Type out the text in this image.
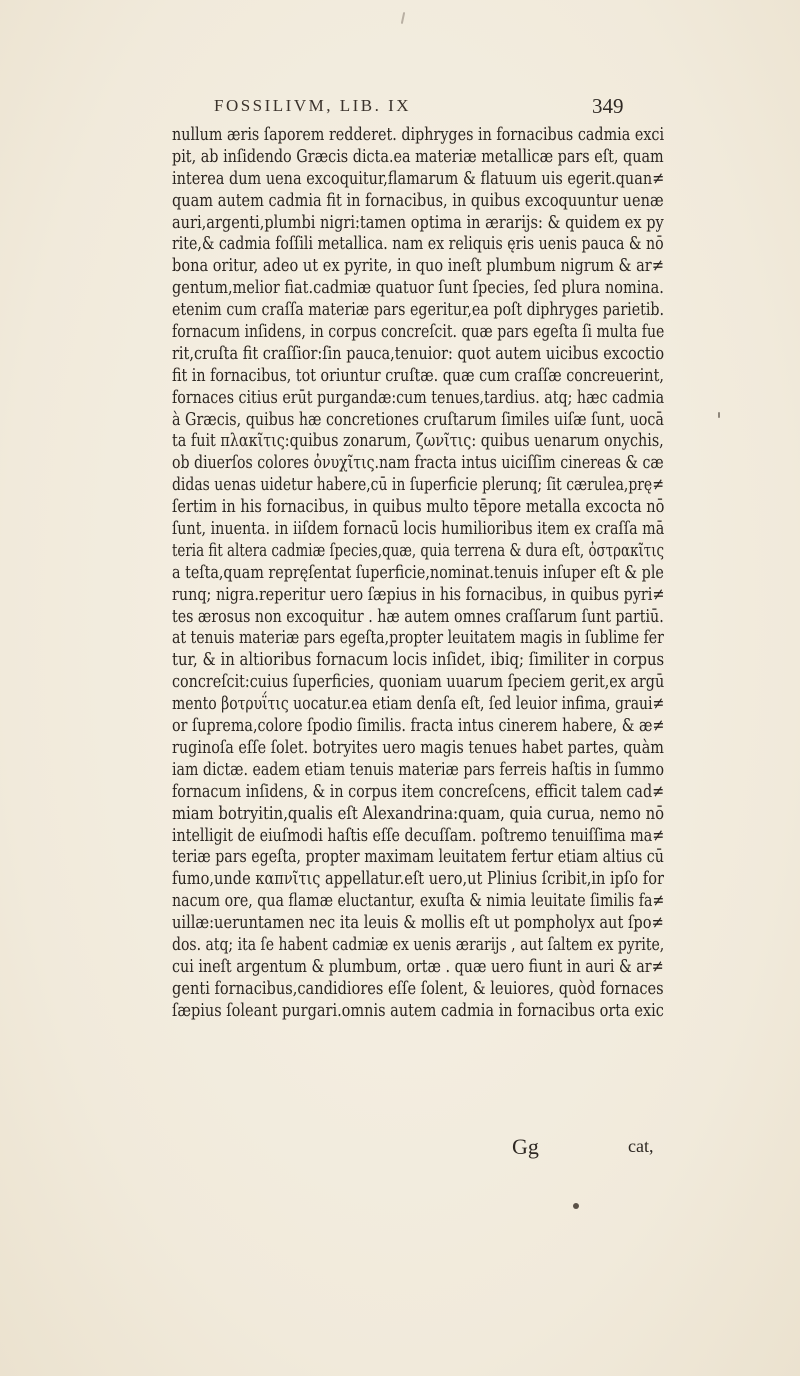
FOSSILIVM, LIB. IX	349
nullum æris ſaporem redderet. diphryges in fornacibus cadmia exci
pit, ab inſidendo Græcis dicta.ea materiæ metallicæ pars eſt, quam
interea dum uena excoquitur,flamarum & flatuum uis egerit.quan≠
quam autem cadmia fit in fornacibus, in quibus excoquuntur uenæ
auri,argenti,plumbi nigri:tamen optima in ærarijs: & quidem ex py
rite,& cadmia foſſili metallica. nam ex reliquis ęris uenis pauca & nō
bona oritur, adeo ut ex pyrite, in quo ineſt plumbum nigrum & ar≠
gentum,melior fiat.cadmiæ quatuor ſunt ſpecies, ſed plura nomina.
etenim cum craſſa materiæ pars egeritur,ea poſt diphryges parietib.
fornacum inſidens, in corpus concreſcit. quæ pars egeſta ſi multa fue
rit,cruſta fit craſſior:ſin pauca,tenuior: quot autem uicibus excoctio
fit in fornacibus, tot oriuntur cruſtæ. quæ cum craſſæ concreuerint,
fornaces citius erūt purgandæ:cum tenues,tardius. atq; hæc cadmia
à Græcis, quibus hæ concretiones cruſtarum ſimiles uiſæ ſunt, uocā
ta fuit πλακῖτις:quibus zonarum, ζωνῖτις: quibus uenarum onychis,
ob diuerſos colores ὀνυχῖτις.nam fracta intus uiciſſim cinereas & cæ
didas uenas uidetur habere,cū in ſuperficie plerunq; ſit cærulea,prę≠
ſertim in his fornacibus, in quibus multo tēpore metalla excocta nō
ſunt, inuenta. in iiſdem fornacū locis humilioribus item ex craſſa mā
teria fit altera cadmiæ ſpecies,quæ, quia terrena & dura eſt, ὀστρακῖτις
a teſta,quam repręſentat ſuperficie,nominat.tenuis inſuper eſt & ple
runq; nigra.reperitur uero ſæpius in his fornacibus, in quibus pyri≠
tes ærosus non excoquitur . hæ autem omnes craſſarum ſunt partiū.
at tenuis materiæ pars egeſta,propter leuitatem magis in ſublime fer
tur, & in altioribus fornacum locis inſidet, ibiq; ſimiliter in corpus
concreſcit:cuius ſuperficies, quoniam uuarum ſpeciem gerit,ex argū
mento βοτρυΐτις uocatur.ea etiam denſa eſt, ſed leuior infima, graui≠
or ſuprema,colore ſpodio ſimilis. fracta intus cinerem habere, & æ≠
ruginoſa eſſe ſolet. botryites uero magis tenues habet partes, quàm
iam dictæ. eadem etiam tenuis materiæ pars ferreis haſtis in ſummo
fornacum inſidens, & in corpus item concreſcens, efficit talem cad≠
miam botryitin,qualis eſt Alexandrina:quam, quia curua, nemo nō
intelligit de eiuſmodi haſtis eſſe decuſſam. poſtremo tenuiſſima ma≠
teriæ pars egeſta, propter maximam leuitatem fertur etiam altius cū
fumo,unde καπνῖτις appellatur.eſt uero,ut Plinius ſcribit,in ipſo for
nacum ore, qua flamæ eluctantur, exuſta & nimia leuitate ſimilis fa≠
uillæ:ueruntamen nec ita leuis & mollis eſt ut pompholyx aut ſpo≠
dos. atq; ita ſe habent cadmiæ ex uenis ærarijs , aut ſaltem ex pyrite,
cui ineſt argentum & plumbum, ortæ . quæ uero fiunt in auri & ar≠
genti fornacibus,candidiores eſſe ſolent, & leuiores, quòd fornaces
ſæpius ſoleant purgari.omnis autem cadmia in fornacibus orta exic
Gg	cat,
